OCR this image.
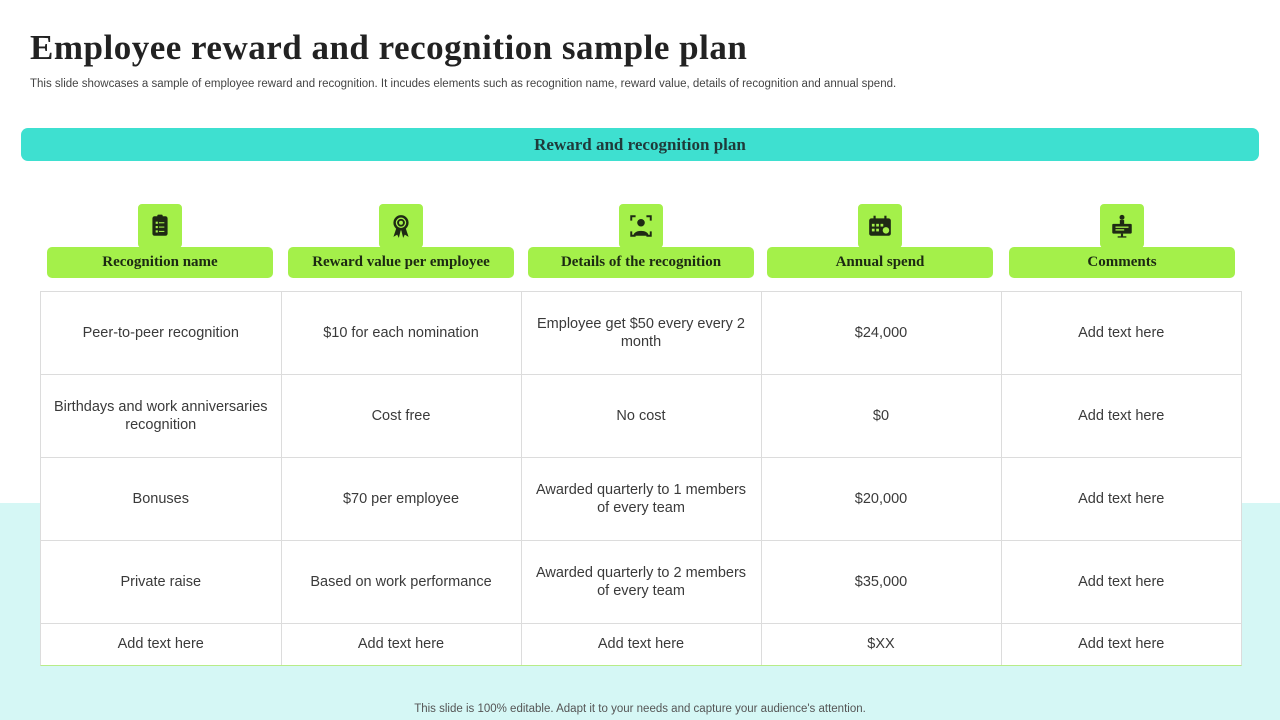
Employee reward and recognition sample plan
This slide showcases a sample of employee reward and recognition. It incudes elements such as recognition name, reward value, details of recognition and annual spend.
Reward and recognition plan
Recognition name	Reward value per employee	Details of the recognition	Annual spend	Comments
Peer-to-peer recognition	$10 for each nomination	Employee get $50 every every 2 month	$24,000	Add text here
Birthdays and work anniversaries recognition	Cost free	No cost	$0	Add text here
Bonuses	$70 per employee	Awarded quarterly to 1 members of every team	$20,000	Add text here
Private raise	Based on work performance	Awarded quarterly to 2 members of every team	$35,000	Add text here
Add text here	Add text here	Add text here	$XX	Add text here
This slide is 100% editable. Adapt it to your needs and capture your audience's attention.
